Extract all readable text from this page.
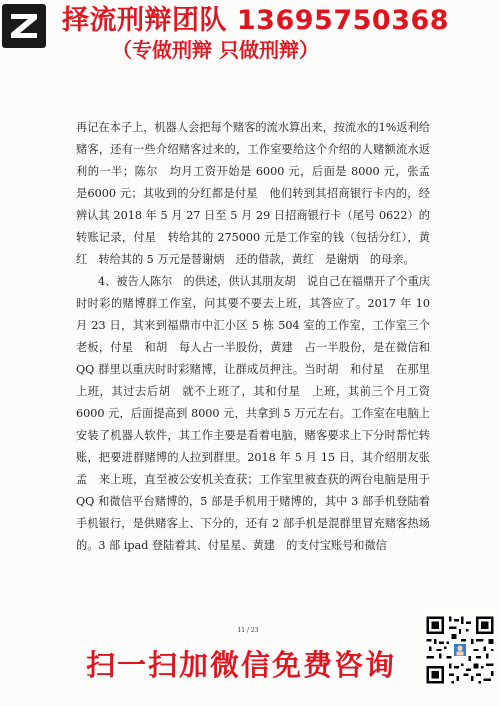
择流刑辩团队 13695750368
（专做刑辩 只做刑辩）

再记在本子上，机器人会把每个赌客的流水算出来，按流水的1%返利给赌客，还有一些介绍赌客过来的，工作室要给这个介绍的人赌额流水返利的一半；陈尔　均月工资开始是 6000 元，后面是 8000 元，张孟　是6000 元；其收到的分红都是付星　他们转到其招商银行卡内的，经辨认其 2018 年 5 月 27 日至 5 月 29 日招商银行卡（尾号 0622）的转账记录，付星　转给其的 275000 元是工作室的钱（包括分红），黄红　转给其的 5 万元是替谢炳　还的借款，黄红　是谢炳　的母亲。

4、被告人陈尔　的供述，供认其朋友胡　说自己在福鼎开了个重庆时时彩的赌博群工作室，问其要不要去上班，其答应了。2017 年 10 月 23 日，其来到福鼎市中汇小区 5 栋 504 室的工作室，工作室三个老板，付星　和胡　每人占一半股份，黄建　占一半股份，是在微信和 QQ 群里以重庆时时彩赌博，让群成员押注。当时胡　和付星　在那里上班，其过去后胡　就不上班了，其和付星　上班，其前三个月工资 6000 元，后面提高到 8000 元，共拿到 5 万元左右。工作室在电脑上安装了机器人软件，其工作主要是看着电脑，赌客要求上下分时帮忙转账，把要进群赌博的人拉到群里。2018 年 5 月 15 日，其介绍朋友张孟　来上班，直至被公安机关查获；工作室里被查获的两台电脑是用于 QQ 和微信平台赌博的，5 部是手机用于赌博的，其中 3 部手机登陆着手机银行，是供赌客上、下分的，还有 2 部手机是混群里冒充赌客热场的。3 部 ipad 登陆着其、付星星、黄建　的支付宝账号和微信

11 / 23
扫一扫加微信免费咨询
